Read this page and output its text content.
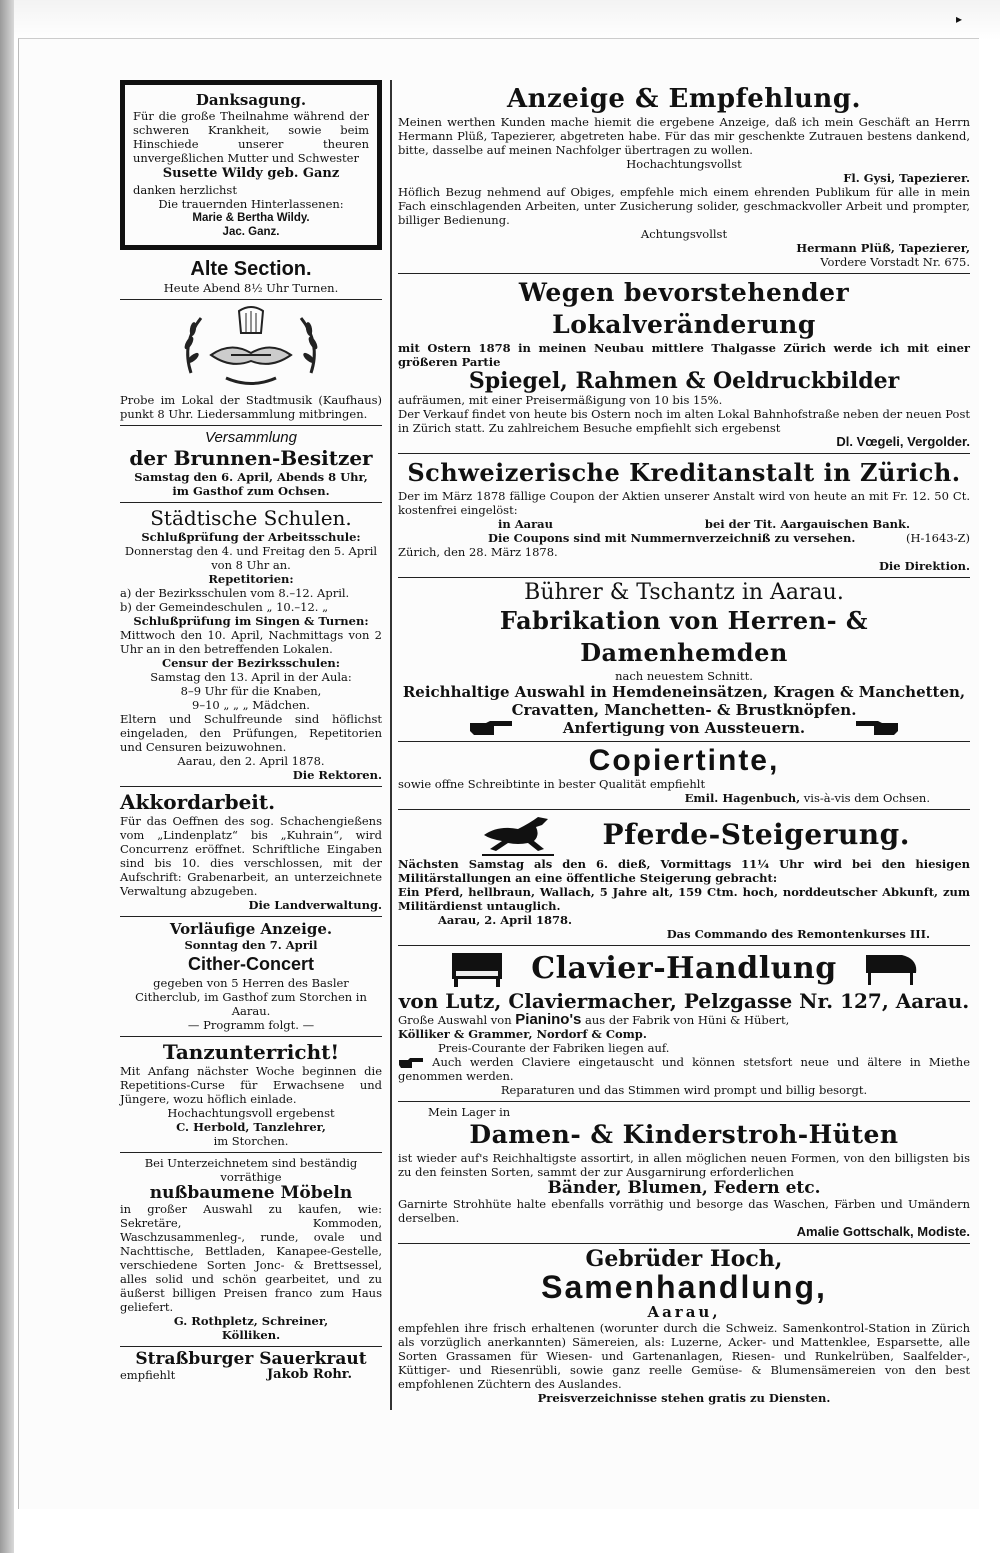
▸
Danksagung.
Für die große Theilnahme während der schweren Krankheit, sowie beim Hinschiede unserer theuren unvergeßlichen Mutter und Schwester
Susette Wildy geb. Ganz
danken herzlichst
Die trauernden Hinterlassenen:
Marie & Bertha Wildy.
Jac. Ganz.
Alte Section.
Heute Abend 8½ Uhr Turnen.
Probe im Lokal der Stadtmusik (Kaufhaus) punkt 8 Uhr. Liedersammlung mitbringen.
Versammlung
der Brunnen-Besitzer
Samstag den 6. April, Abends 8 Uhr,
im Gasthof zum Ochsen.
Städtische Schulen.
Schlußprüfung der Arbeitsschule:
Donnerstag den 4. und Freitag den 5. April von 8 Uhr an.
Repetitorien:
a) der Bezirksschulen vom 8.–12. April.
b) der Gemeindeschulen „ 10.–12. „
Schlußprüfung im Singen & Turnen:
Mittwoch den 10. April, Nachmittags von 2 Uhr an in den betreffenden Lokalen.
Censur der Bezirksschulen:
Samstag den 13. April in der Aula:
8–9 Uhr für die Knaben,
9–10 „ „ „ Mädchen.
Eltern und Schulfreunde sind höflichst eingeladen, den Prüfungen, Repetitorien und Censuren beizuwohnen.
Aarau, den 2. April 1878.
Die Rektoren.
Akkordarbeit.
Für das Oeffnen des sog. Schachengießens vom „Lindenplatz“ bis „Kuhrain“, wird Concurrenz eröffnet. Schriftliche Eingaben sind bis 10. dies verschlossen, mit der Aufschrift: Grabenarbeit, an unterzeichnete Verwaltung abzugeben.
Die Landverwaltung.
Vorläufige Anzeige.
Sonntag den 7. April
Cither-Concert
gegeben von 5 Herren des Basler Citherclub, im Gasthof zum Storchen in Aarau.
— Programm folgt. —
Tanzunterricht!
Mit Anfang nächster Woche beginnen die Repetitions-Curse für Erwachsene und Jüngere, wozu höflich einlade.
Hochachtungsvoll ergebenst
C. Herbold, Tanzlehrer,
im Storchen.
Bei Unterzeichnetem sind beständig vorräthige
nußbaumene Möbeln
in großer Auswahl zu kaufen, wie: Sekretäre, Kommoden, Waschzusammenleg-, runde, ovale und Nachttische, Bettladen, Kanapee-Gestelle, verschiedene Sorten Jonc- & Brettsessel, alles solid und schön gearbeitet, und zu äußerst billigen Preisen franco zum Haus geliefert.
G. Rothpletz, Schreiner,
Kölliken.
Straßburger Sauerkraut
empfiehlt	Jakob Rohr.
Anzeige & Empfehlung.
Meinen werthen Kunden mache hiemit die ergebene Anzeige, daß ich mein Geschäft an Herrn Hermann Plüß, Tapezierer, abgetreten habe. Für das mir geschenkte Zutrauen bestens dankend, bitte, dasselbe auf meinen Nachfolger übertragen zu wollen.
Hochachtungsvollst
Fl. Gysi, Tapezierer.
Höflich Bezug nehmend auf Obiges, empfehle mich einem ehrenden Publikum für alle in mein Fach einschlagenden Arbeiten, unter Zusicherung solider, geschmackvoller Arbeit und prompter, billiger Bedienung.
Achtungsvollst
Hermann Plüß, Tapezierer,
Vordere Vorstadt Nr. 675.
Wegen bevorstehender Lokalveränderung
mit Ostern 1878 in meinen Neubau mittlere Thalgasse Zürich werde ich mit einer größeren Partie
Spiegel, Rahmen & Oeldruckbilder
aufräumen, mit einer Preisermäßigung von 10 bis 15%.
Der Verkauf findet von heute bis Ostern noch im alten Lokal Bahnhofstraße neben der neuen Post in Zürich statt. Zu zahlreichem Besuche empfiehlt sich ergebenst
Dl. Vœgeli, Vergolder.
Schweizerische Kreditanstalt in Zürich.
Der im März 1878 fällige Coupon der Aktien unserer Anstalt wird von heute an mit Fr. 12. 50 Ct. kostenfrei eingelöst:
in Aarau	bei der Tit. Aargauischen Bank.
Die Coupons sind mit Nummernverzeichniß zu versehen.	(H-1643-Z)
Zürich, den 28. März 1878.
Die Direktion.
Bührer & Tschantz in Aarau.
Fabrikation von Herren- & Damenhemden
nach neuestem Schnitt.
Reichhaltige Auswahl in Hemdeneinsätzen, Kragen & Manchetten,
Cravatten, Manchetten- & Brustknöpfen.
Anfertigung von Aussteuern.
Copiertinte,
sowie offne Schreibtinte in bester Qualität empfiehlt
Emil. Hagenbuch, vis-à-vis dem Ochsen.
Pferde-Steigerung.
Nächsten Samstag als den 6. dieß, Vormittags 11¼ Uhr wird bei den hiesigen Militärstallungen an eine öffentliche Steigerung gebracht:
Ein Pferd, hellbraun, Wallach, 5 Jahre alt, 159 Ctm. hoch, norddeutscher Abkunft, zum Militärdienst untauglich.
Aarau, 2. April 1878.
Das Commando des Remontenkurses III.
Clavier-Handlung
von Lutz, Claviermacher, Pelzgasse Nr. 127, Aarau.
Große Auswahl von Pianino's aus der Fabrik von Hüni & Hübert,
Kölliker & Grammer, Nordorf & Comp.
Preis-Courante der Fabriken liegen auf.
Auch werden Claviere eingetauscht und können stetsfort neue und ältere in Miethe genommen werden.
Reparaturen und das Stimmen wird prompt und billig besorgt.
Mein Lager in
Damen- & Kinderstroh-Hüten
ist wieder auf's Reichhaltigste assortirt, in allen möglichen neuen Formen, von den billigsten bis zu den feinsten Sorten, sammt der zur Ausgarnirung erforderlichen
Bänder, Blumen, Federn etc.
Garnirte Strohhüte halte ebenfalls vorräthig und besorge das Waschen, Färben und Umändern derselben.
Amalie Gottschalk, Modiste.
Gebrüder Hoch,
Samenhandlung,
Aarau,
empfehlen ihre frisch erhaltenen (worunter durch die Schweiz. Samenkontrol-Station in Zürich als vorzüglich anerkannten) Sämereien, als: Luzerne, Acker- und Mattenklee, Esparsette, alle Sorten Grassamen für Wiesen- und Gartenanlagen, Riesen- und Runkelrüben, Saalfelder-, Küttiger- und Riesenrübli, sowie ganz reelle Gemüse- & Blumensämereien von den best empfohlenen Züchtern des Auslandes.
Preisverzeichnisse stehen gratis zu Diensten.
